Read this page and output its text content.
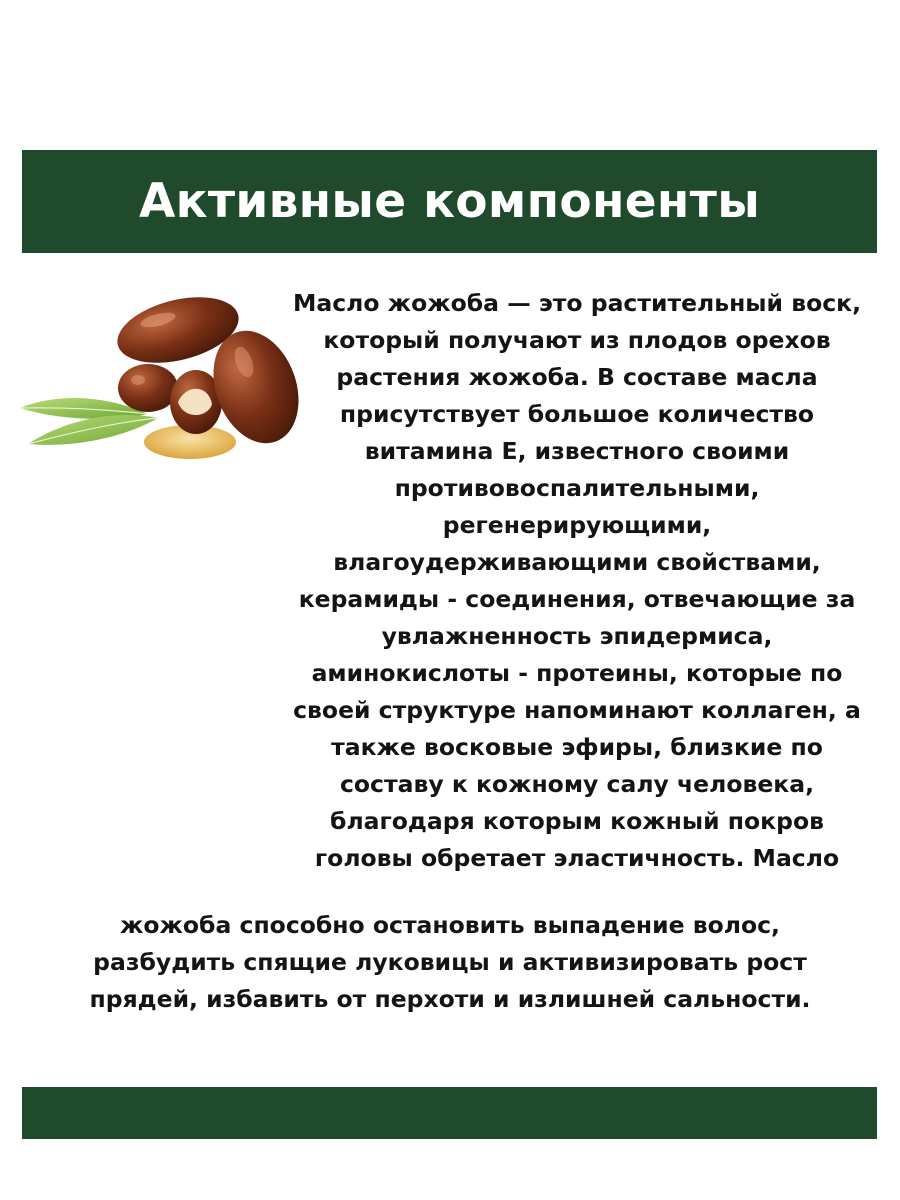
Активные компоненты

Масло жожоба — это растительный воск,
который получают из плодов орехов
растения жожоба. В составе масла
присутствует большое количество
витамина Е, известного своими
противовоспалительными,
регенерирующими,
влагоудерживающими свойствами,
керамиды - соединения, отвечающие за
увлажненность эпидермиса,
аминокислоты - протеины, которые по
своей структуре напоминают коллаген, а
также восковые эфиры, близкие по
составу к кожному салу человека,
благодаря которым кожный покров
головы обретает эластичность. Масло

жожоба способно остановить выпадение волос,
разбудить спящие луковицы и активизировать рост
прядей, избавить от перхоти и излишней сальности.
